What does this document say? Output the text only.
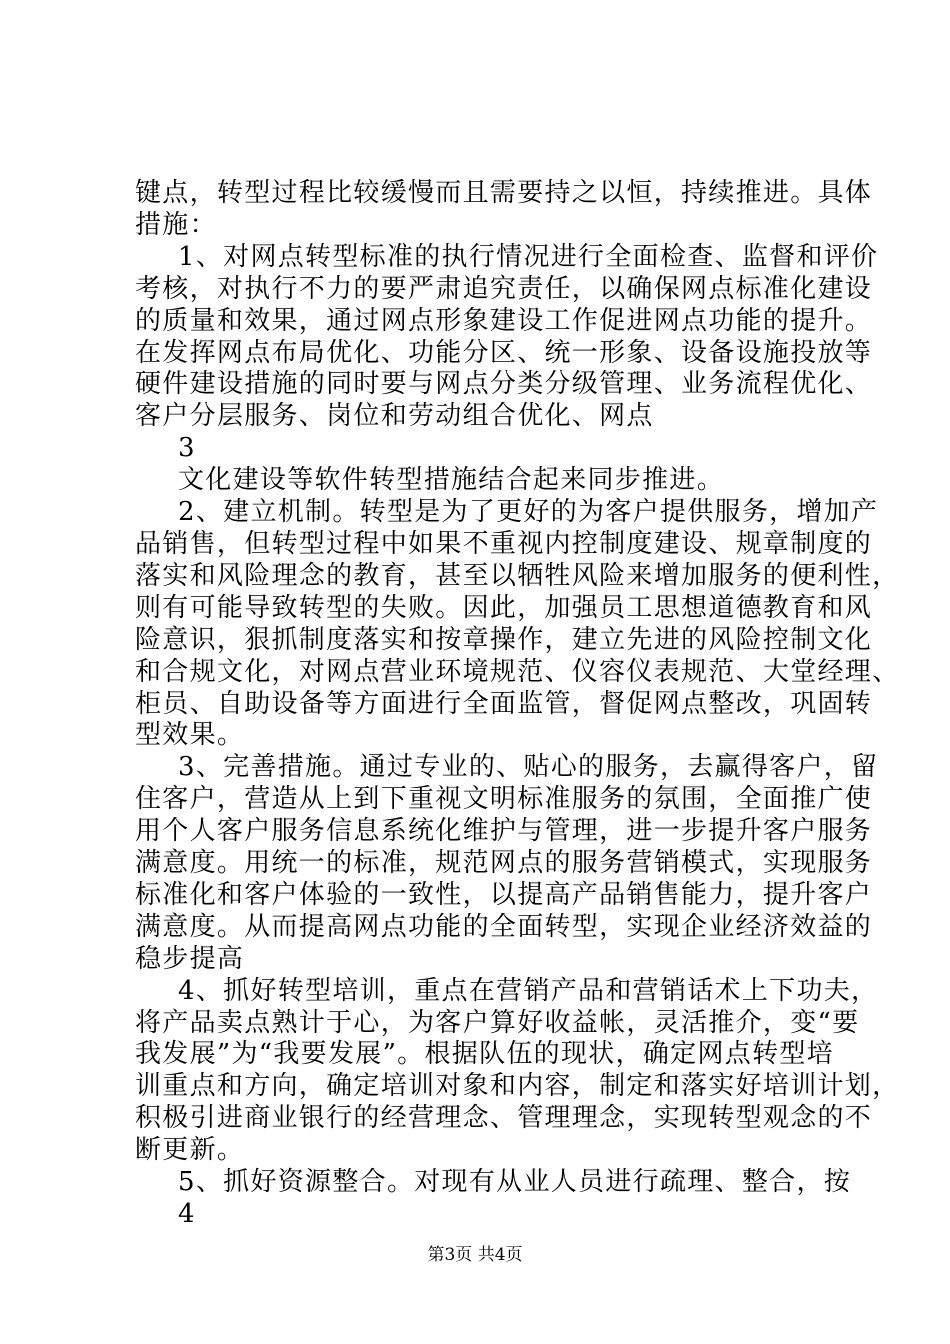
键点，转型过程比较缓慢而且需要持之以恒，持续推进。具体
措施：
1、对网点转型标准的执行情况进行全面检查、监督和评价
考核，对执行不力的要严肃追究责任，以确保网点标准化建设
的质量和效果，通过网点形象建设工作促进网点功能的提升。
在发挥网点布局优化、功能分区、统一形象、设备设施投放等
硬件建设措施的同时要与网点分类分级管理、业务流程优化、
客户分层服务、岗位和劳动组合优化、网点
3
文化建设等软件转型措施结合起来同步推进。
2、建立机制。转型是为了更好的为客户提供服务，增加产
品销售，但转型过程中如果不重视内控制度建设、规章制度的
落实和风险理念的教育，甚至以牺牲风险来增加服务的便利性，
则有可能导致转型的失败。因此，加强员工思想道德教育和风
险意识，狠抓制度落实和按章操作，建立先进的风险控制文化
和合规文化，对网点营业环境规范、仪容仪表规范、大堂经理、
柜员、自助设备等方面进行全面监管，督促网点整改，巩固转
型效果。
3、完善措施。通过专业的、贴心的服务，去赢得客户，留
住客户，营造从上到下重视文明标准服务的氛围，全面推广使
用个人客户服务信息系统化维护与管理，进一步提升客户服务
满意度。用统一的标准，规范网点的服务营销模式，实现服务
标准化和客户体验的一致性，以提高产品销售能力，提升客户
满意度。从而提高网点功能的全面转型，实现企业经济效益的
稳步提高
4、抓好转型培训，重点在营销产品和营销话术上下功夫，
将产品卖点熟计于心，为客户算好收益帐，灵活推介，变“要
我发展”为“我要发展”。根据队伍的现状，确定网点转型培
训重点和方向，确定培训对象和内容，制定和落实好培训计划，
积极引进商业银行的经营理念、管理理念，实现转型观念的不
断更新。
5、抓好资源整合。对现有从业人员进行疏理、整合，按
4
第3页 共4页
